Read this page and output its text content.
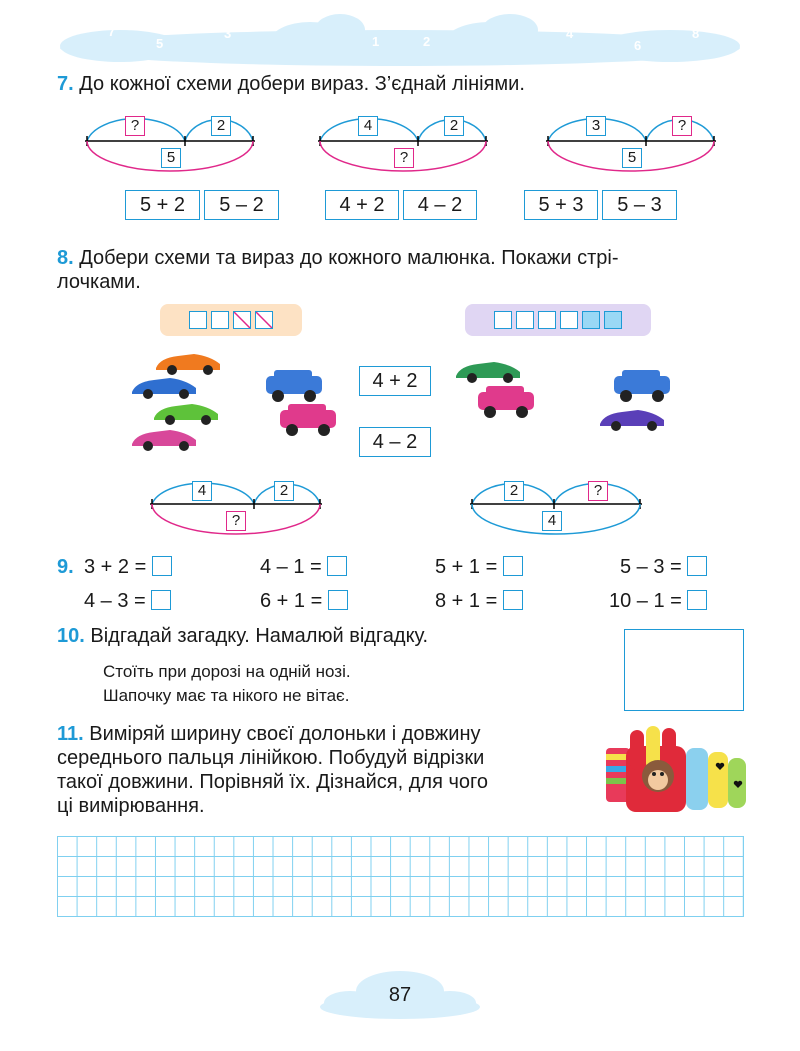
7
5
3
1
0
2
4
6
8
7. До кожної схеми добери вираз. З’єднай лініями.
?	2
5
4	2
?
3	?
5
5 + 2	5 – 2	4 + 2	4 – 2	5 + 3	5 – 3
8. Добери схеми та вираз до кожного малюнка. Покажи стрі-
лочками.
4 + 2
4 – 2
4	2
?
2	?
4
9. 3 + 2 =	4 – 1 =	5 + 1 =	5 – 3 =
4 – 3 =	6 + 1 =	8 + 1 =	10 – 1 =
10. Відгадай загадку. Намалюй відгадку.
Стоїть при дорозі на одній нозі.
Шапочку має та нікого не вітає.
11. Виміряй ширину своєї долоньки і довжину
середнього пальця лінійкою. Побудуй відрізки
такої довжини. Порівняй їх. Дізнайся, для чого
ці вимірювання.
87
